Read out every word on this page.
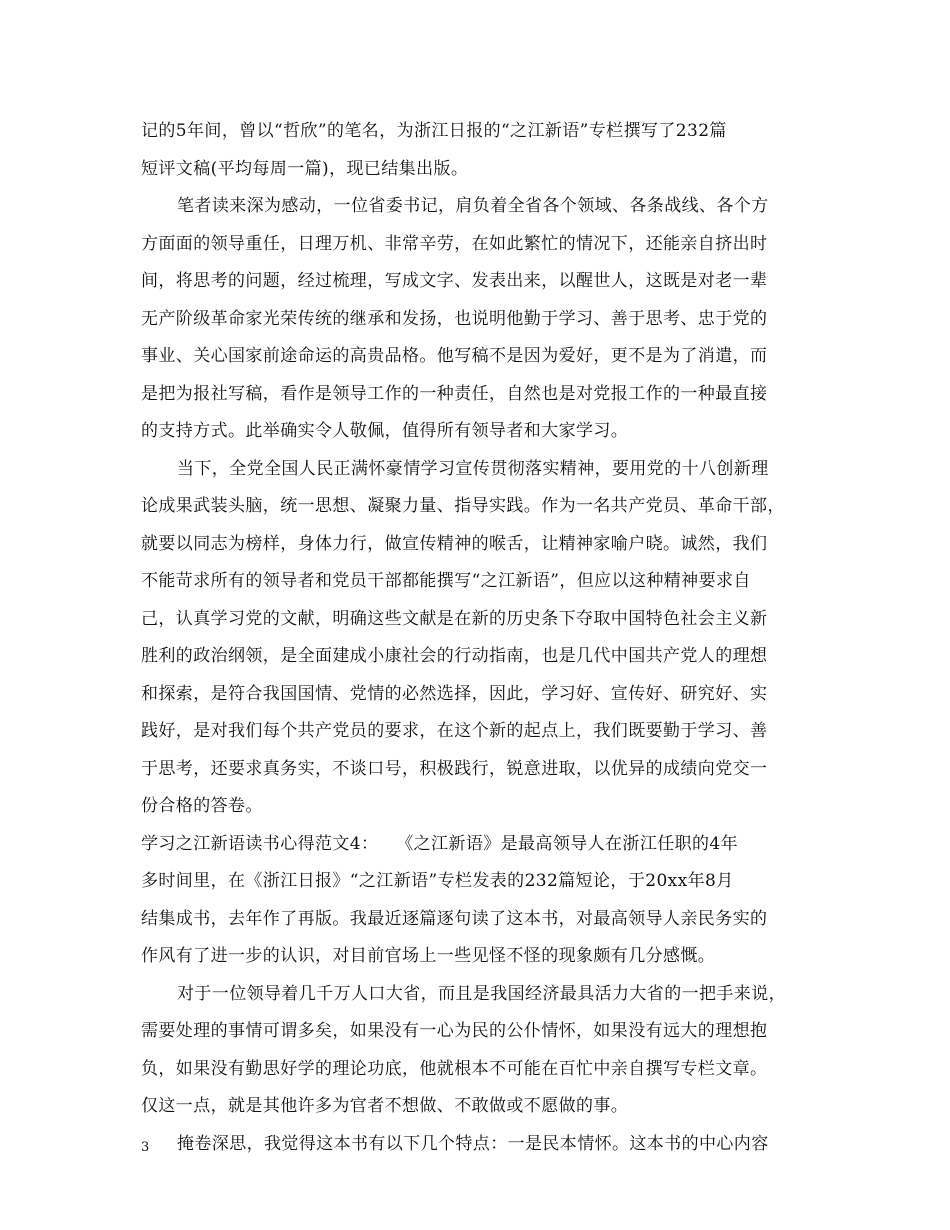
记的5年间，曾以“哲欣”的笔名，为浙江日报的“之江新语”专栏撰写了232篇
短评文稿(平均每周一篇)，现已结集出版。
笔者读来深为感动，一位省委书记，肩负着全省各个领域、各条战线、各个方
方面面的领导重任，日理万机、非常辛劳，在如此繁忙的情况下，还能亲自挤出时
间，将思考的问题，经过梳理，写成文字、发表出来，以醒世人，这既是对老一辈
无产阶级革命家光荣传统的继承和发扬，也说明他勤于学习、善于思考、忠于党的
事业、关心国家前途命运的高贵品格。他写稿不是因为爱好，更不是为了消遣，而
是把为报社写稿，看作是领导工作的一种责任，自然也是对党报工作的一种最直接
的支持方式。此举确实令人敬佩，值得所有领导者和大家学习。
当下，全党全国人民正满怀豪情学习宣传贯彻落实精神，要用党的十八创新理
论成果武装头脑，统一思想、凝聚力量、指导实践。作为一名共产党员、革命干部，
就要以同志为榜样，身体力行，做宣传精神的喉舌，让精神家喻户晓。诚然，我们
不能苛求所有的领导者和党员干部都能撰写“之江新语”，但应以这种精神要求自
己，认真学习党的文献，明确这些文献是在新的历史条下夺取中国特色社会主义新
胜利的政治纲领，是全面建成小康社会的行动指南，也是几代中国共产党人的理想
和探索，是符合我国国情、党情的必然选择，因此，学习好、宣传好、研究好、实
践好，是对我们每个共产党员的要求，在这个新的起点上，我们既要勤于学习、善
于思考，还要求真务实，不谈口号，积极践行，锐意进取，以优异的成绩向党交一
份合格的答卷。
学习之江新语读书心得范文4：　　《之江新语》是最高领导人在浙江任职的4年
多时间里，在《浙江日报》“之江新语”专栏发表的232篇短论，于20xx年8月
结集成书，去年作了再版。我最近逐篇逐句读了这本书，对最高领导人亲民务实的
作风有了进一步的认识，对目前官场上一些见怪不怪的现象颇有几分感慨。
对于一位领导着几千万人口大省，而且是我国经济最具活力大省的一把手来说，
需要处理的事情可谓多矣，如果没有一心为民的公仆情怀，如果没有远大的理想抱
负，如果没有勤思好学的理论功底，他就根本不可能在百忙中亲自撰写专栏文章。
仅这一点，就是其他许多为官者不想做、不敢做或不愿做的事。
掩卷深思，我觉得这本书有以下几个特点：一是民本情怀。这本书的中心内容
3
